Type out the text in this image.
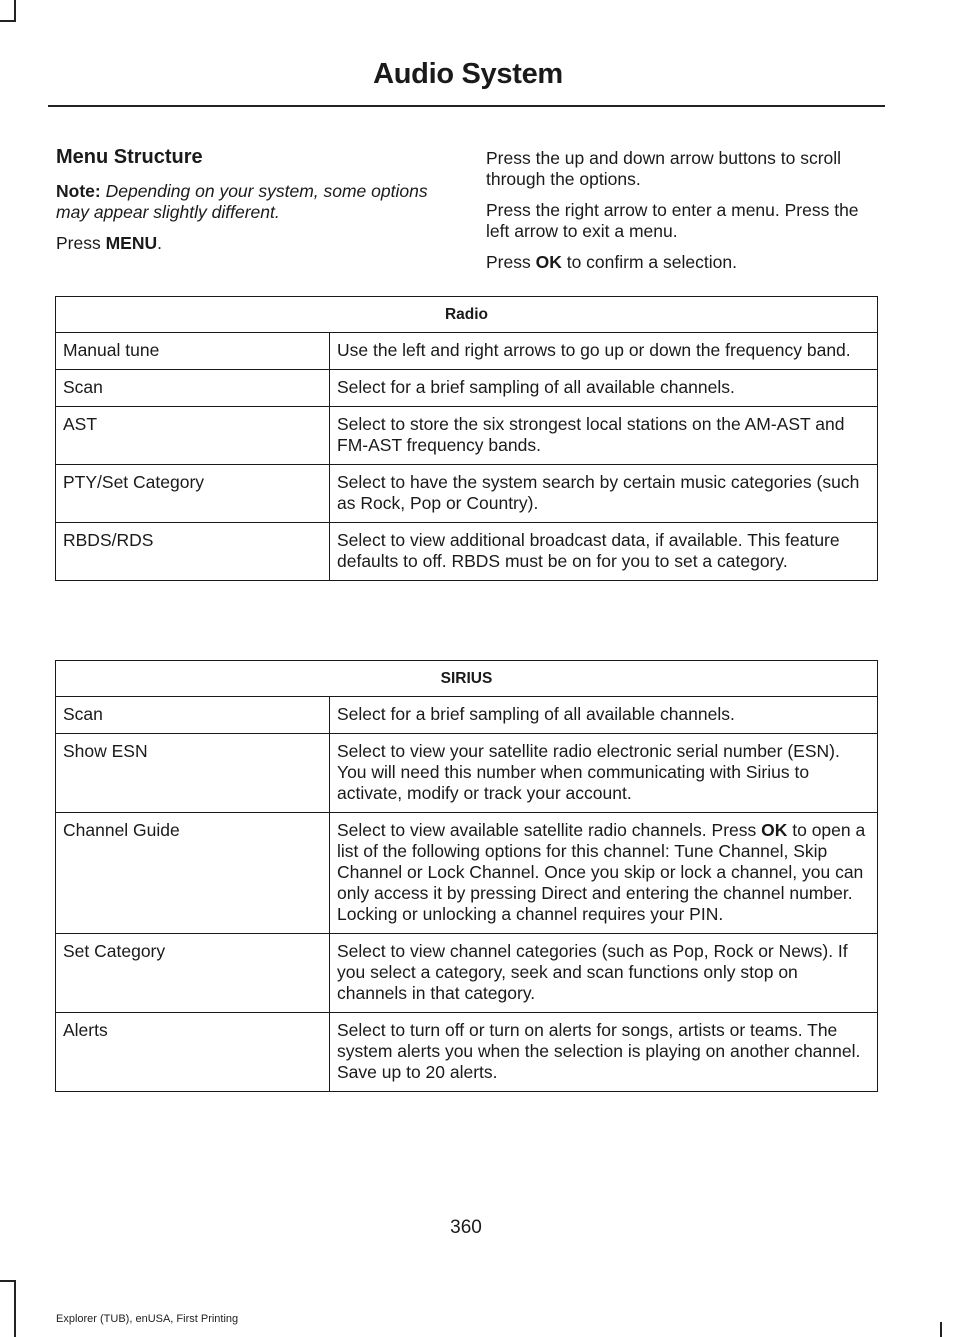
Audio System
Menu Structure

Note: Depending on your system, some options may appear slightly different.

Press MENU.

Press the up and down arrow buttons to scroll through the options.

Press the right arrow to enter a menu. Press the left arrow to exit a menu.

Press OK to confirm a selection.

Radio	
Manual tune	Use the left and right arrows to go up or down the frequency band.
Scan	Select for a brief sampling of all available channels.
AST	Select to store the six strongest local stations on the AM-AST and FM-AST frequency bands.
PTY/Set Category	Select to have the system search by certain music categories (such as Rock, Pop or Country).
RBDS/RDS	Select to view additional broadcast data, if available. This feature defaults to off. RBDS must be on for you to set a category.
SIRIUS	
Scan	Select for a brief sampling of all available channels.
Show ESN	Select to view your satellite radio electronic serial number (ESN). You will need this number when communicating with Sirius to activate, modify or track your account.
Channel Guide	Select to view available satellite radio channels. Press OK to open a list of the following options for this channel: Tune Channel, Skip Channel or Lock Channel. Once you skip or lock a channel, you can only access it by pressing Direct and entering the channel number. Locking or unlocking a channel requires your PIN.
Set Category	Select to view channel categories (such as Pop, Rock or News). If you select a category, seek and scan functions only stop on channels in that category.
Alerts	Select to turn off or turn on alerts for songs, artists or teams. The system alerts you when the selection is playing on another channel. Save up to 20 alerts.
360
Explorer (TUB), enUSA, First Printing
